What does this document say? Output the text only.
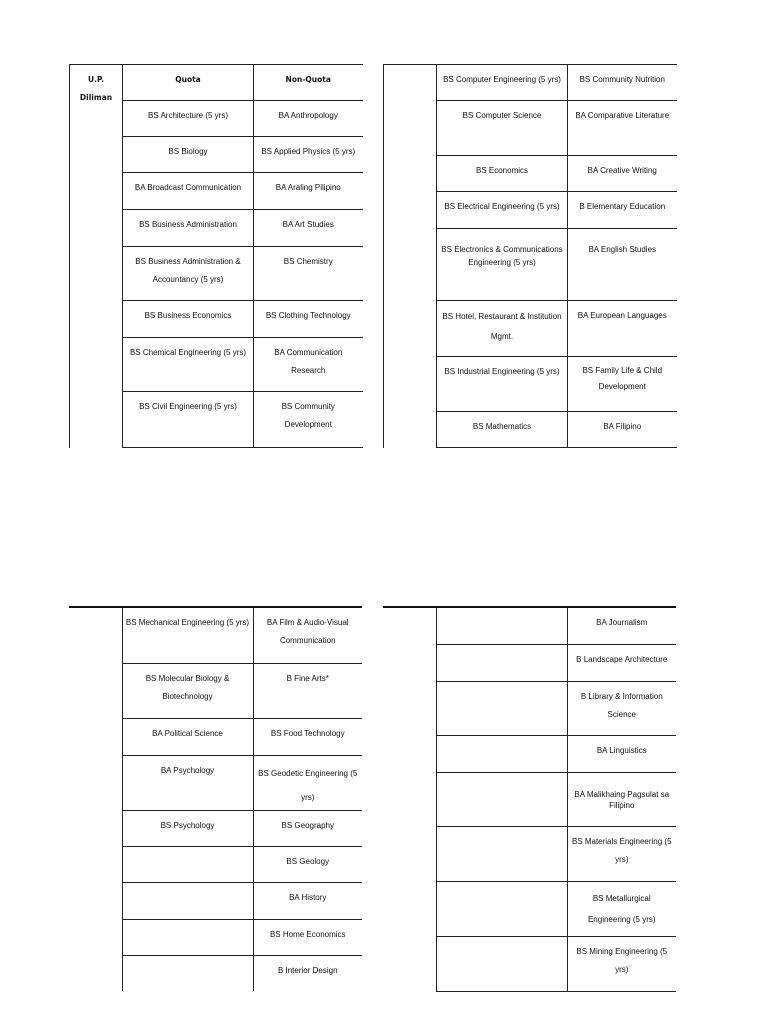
U.P. Diliman	Quota	Non-Quota
	BS Architecture (5 yrs)	BA Anthropology
	BS Biology	BS Applied Physics (5 yrs)
	BA Broadcast Communication	BA Araling Pilipino
	BS Business Administration	BA Art Studies
	BS Business Administration & Accountancy (5 yrs)	BS Chemistry
	BS Business Economics	BS Clothing Technology
	BS Chemical Engineering (5 yrs)	BA Communication Research
	BS Civil Engineering (5 yrs)	BS Community Development
	BS Computer Engineering (5 yrs)	BS Community Nutrition
	BS Computer Science	BA Comparative Literature
	BS Economics	BA Creative Writing
	BS Electrical Engineering (5 yrs)	B Elementary Education
	BS Electronics & Communications Engineering (5 yrs)	BA English Studies
	BS Hotel, Restaurant & Institution Mgmt.	BA European Languages
	BS Industrial Engineering (5 yrs)	BS Family Life & Child Development
	BS Mathematics	BA Filipino
	BS Mechanical Engineering (5 yrs)	BA Film & Audio-Visual Communication
	BS Molecular Biology & Biotechnology	B Fine Arts*
	BA Political Science	BS Food Technology
	BA Psychology	BS Geodetic Engineering (5 yrs)
	BS Psychology	BS Geography
		BS Geology
		BA History
		BS Home Economics
		B Interior Design
		BA Journalism
		B Landscape Architecture
		B Library & Information Science
		BA Linguistics
		BA Malikhaing Pagsulat sa Filipino
		BS Materials Engineering (5 yrs)
		BS Metallurgical Engineering (5 yrs)
		BS Mining Engineering (5 yrs)
